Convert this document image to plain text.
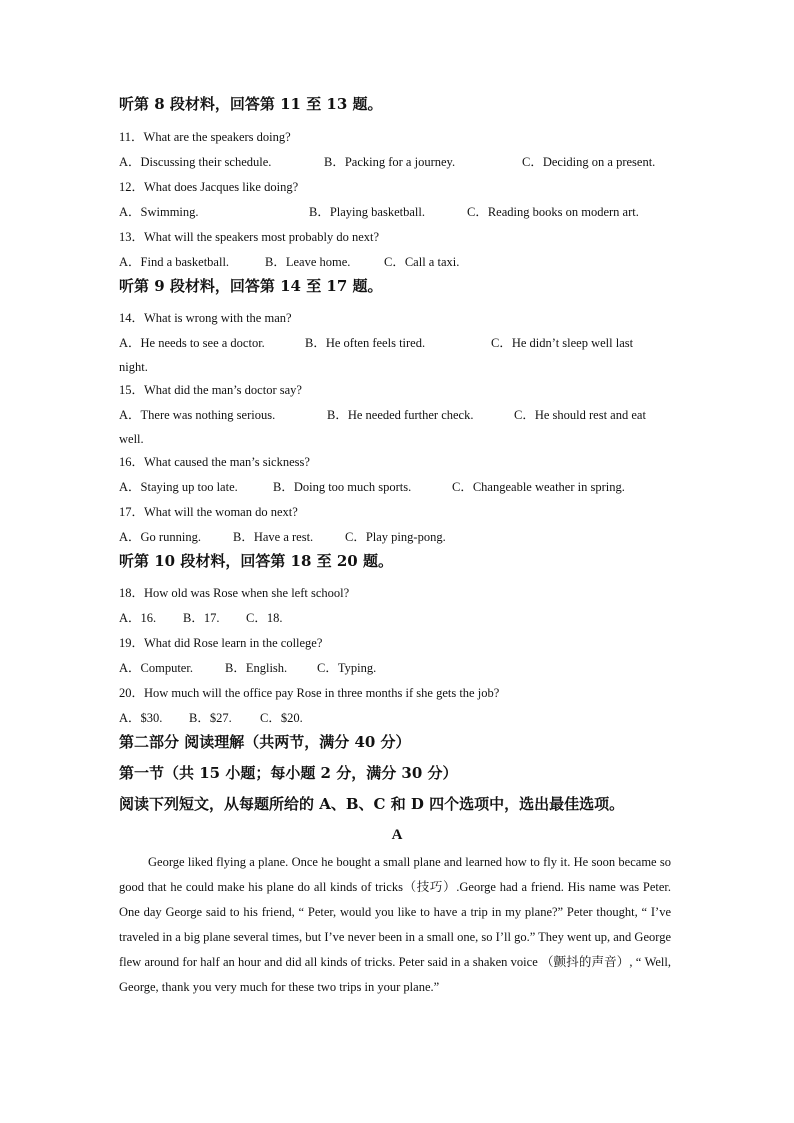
听第 8 段材料，回答第 11 至 13 题。
11．What are the speakers doing?
A．Discussing their schedule.	B．Packing for a journey.	C．Deciding on a present.
12．What does Jacques like doing?
A．Swimming.	B．Playing basketball.	C．Reading books on modern art.
13．What will the speakers most probably do next?
A．Find a basketball.	B．Leave home.	C．Call a taxi.
听第 9 段材料，回答第 14 至 17 题。
14．What is wrong with the man?
A．He needs to see a doctor.	B．He often feels tired.	C．He didn’t sleep well last
night.
15．What did the man’s doctor say?
A．There was nothing serious.	B．He needed further check.	C．He should rest and eat
well.
16．What caused the man’s sickness?
A．Staying up too late.	B．Doing too much sports.	C．Changeable weather in spring.
17．What will the woman do next?
A．Go running.	B．Have a rest.	C．Play ping-pong.
听第 10 段材料，回答第 18 至 20 题。
18．How old was Rose when she left school?
A．16. B．17. C．18.
19．What did Rose learn in the college?
A．Computer.	B．English. C．Typing.
20．How much will the office pay Rose in three months if she gets the job?
A．$30. B．$27. C．$20.
第二部分 阅读理解（共两节，满分 40 分）
第一节（共 15 小题；每小题 2 分，满分 30 分）
阅读下列短文，从每题所给的 A、B、C 和 D 四个选项中，选出最佳选项。
A
George liked flying a plane. Once he bought a small plane and learned how to fly it. He soon became so good that he could make his plane do all kinds of tricks（技巧）.George had a friend. His name was Peter. One day George said to his friend, “ Peter, would you like to have a trip in my plane?” Peter thought, “ I’ve traveled in a big plane several times, but I’ve never been in a small one, so I’ll go.” They went up, and George flew around for half an hour and did all kinds of tricks. Peter said in a shaken voice （颤抖的声音）, “ Well, George, thank you very much for these two trips in your plane.”
